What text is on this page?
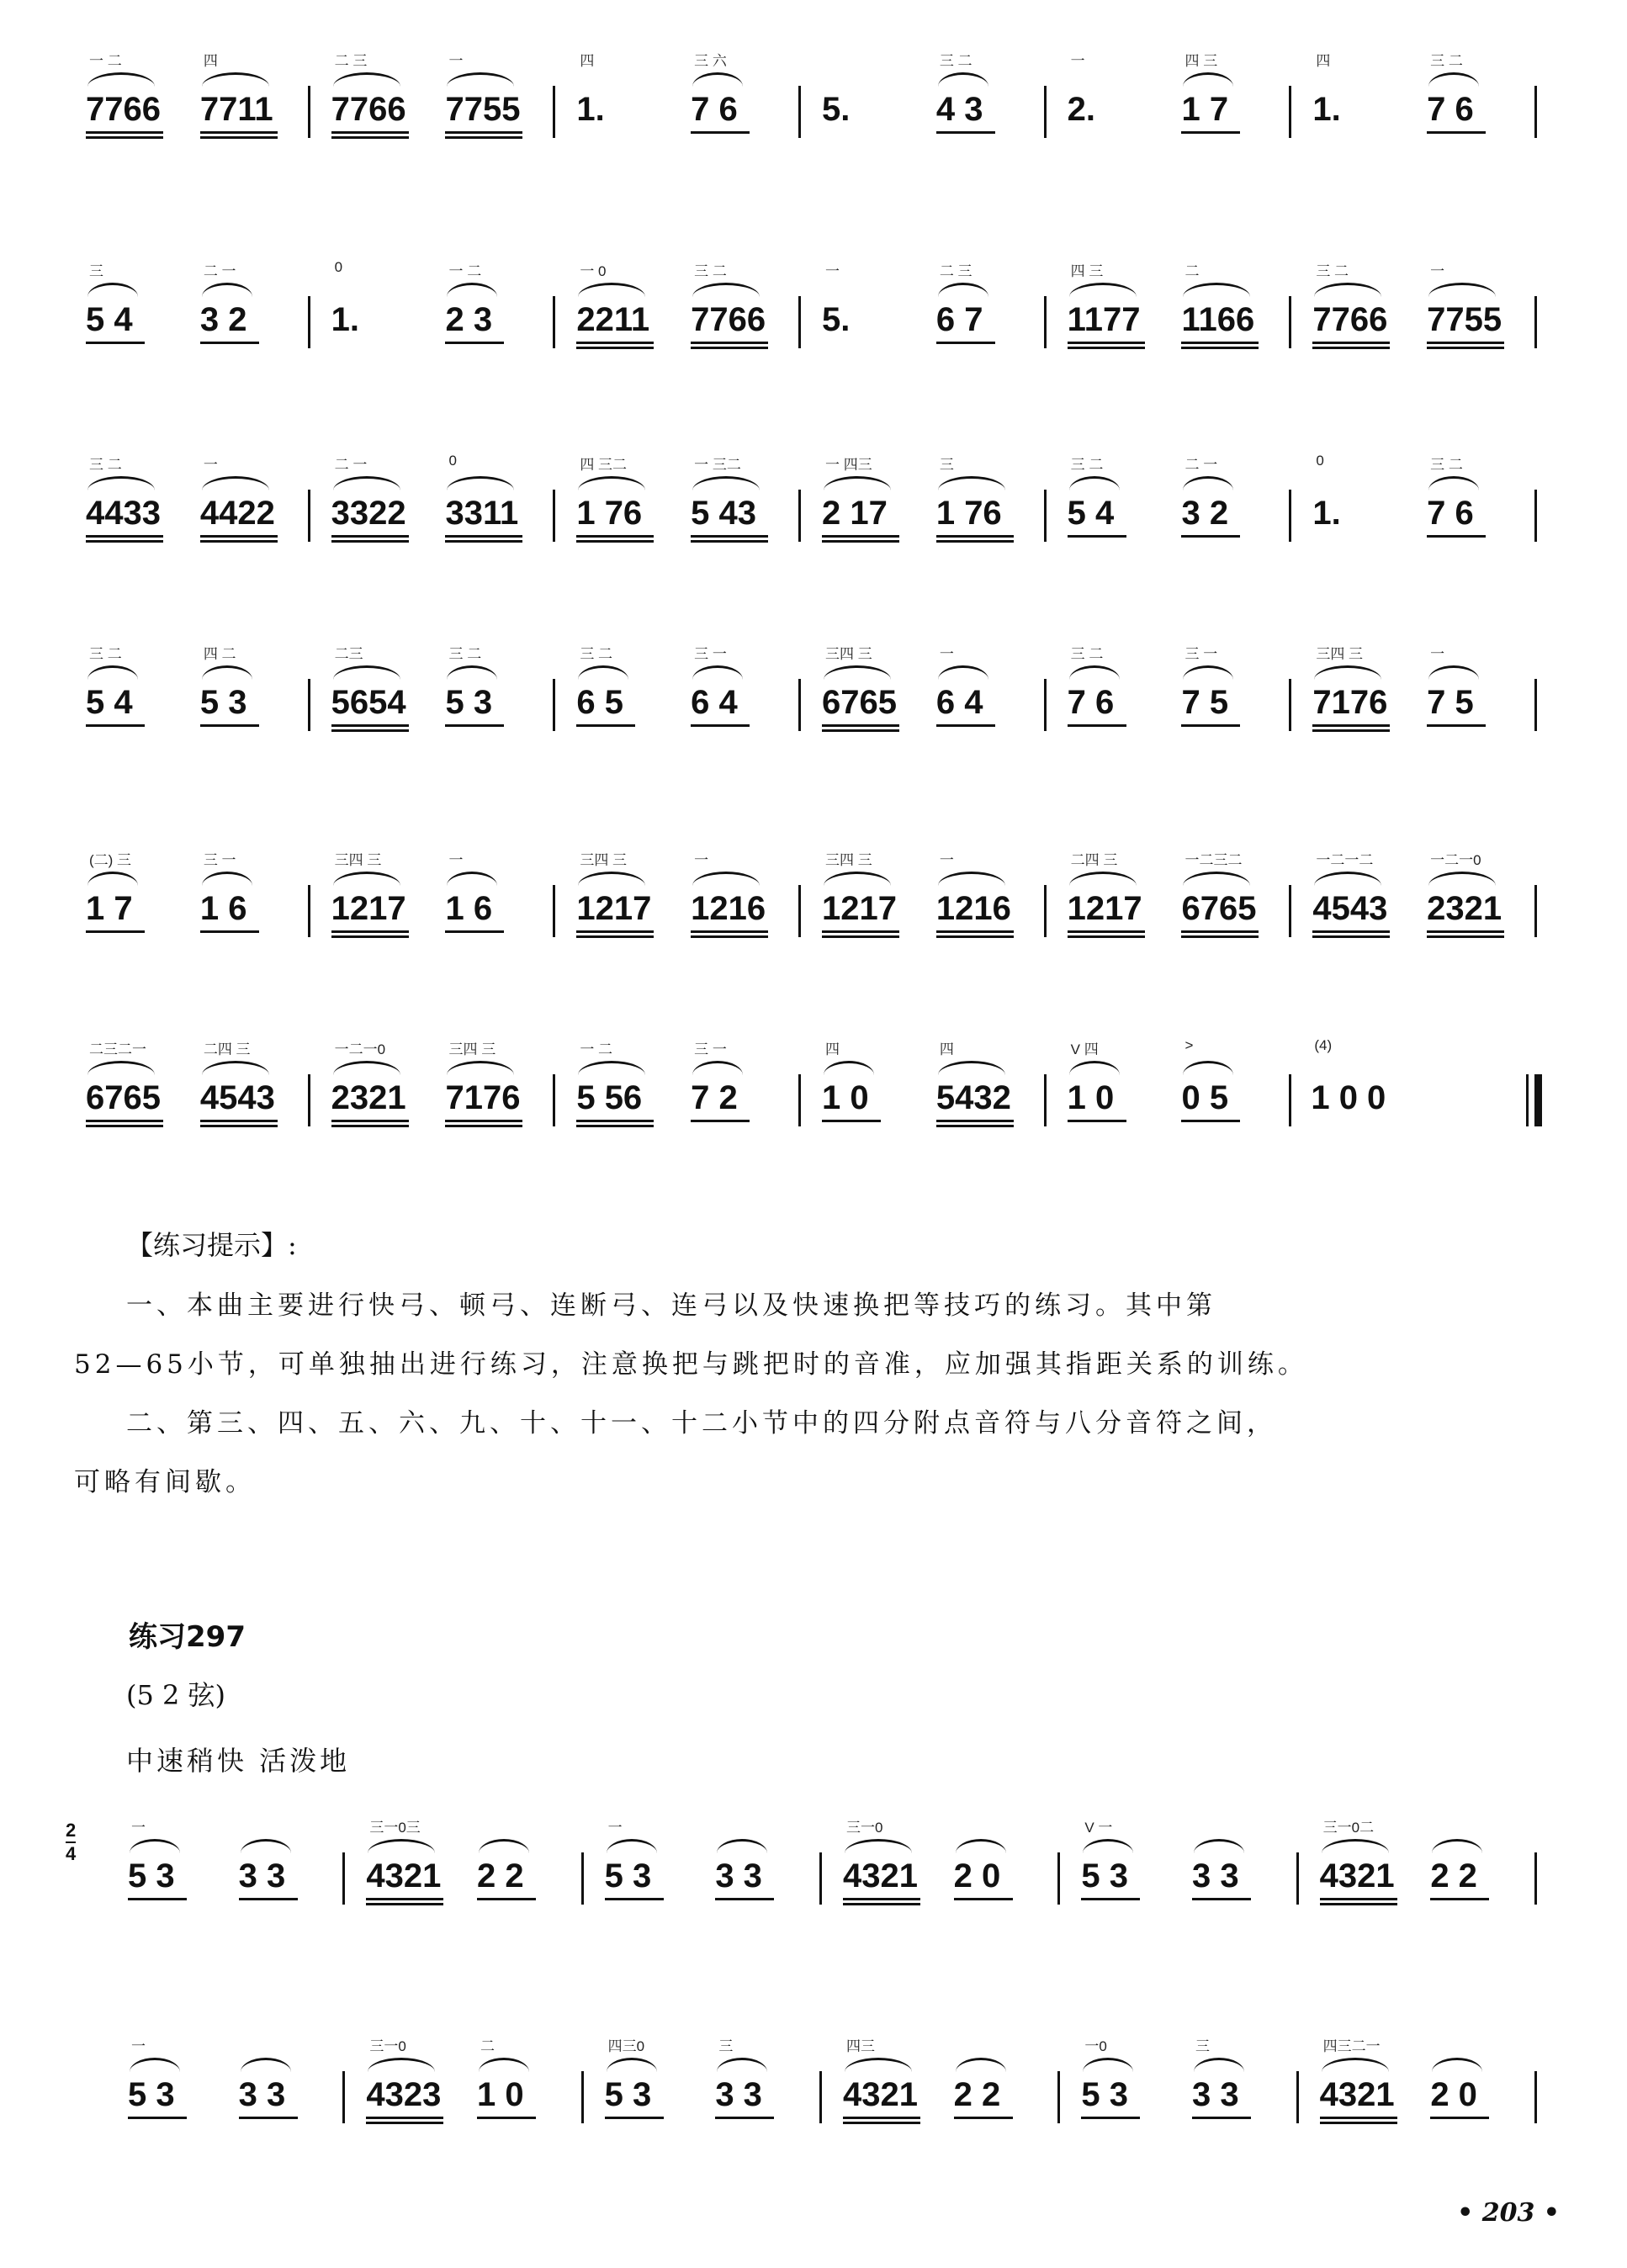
一 二
7766
四
7711
二 三
7766
一
7755
四
1.
三 六
7 6	5.
三 二
4 3
一
2.
四 三
1 7
四
1.
三 二
7 6
三
5 4
二 一
3 2
0
1.
一 二
2 3
一 0
2211
三 二
7766
一
5.
二 三
6 7
四 三
1177
二
1166
三 二
7766
一
7755
三 二
4433
一
4422
二 一
3322
0
3311
四 三二
1 76
一 三二
5 43
一 四三
2 17
三
1 76
三 二
5 4
二 一
3 2
0
1.
三 二
7 6
三 二
5 4
四 二
5 3
二三
5654
三 二
5 3
三 二
6 5
三 一
6 4
三四 三
6765
一
6 4
三 二
7 6
三 一
7 5
三四 三
7176
一
7 5
(二) 三
1 7
三 一
1 6
三四 三
1217
一
1 6
三四 三
1217
一
1216
三四 三
1217
一
1216
二四 三
1217
一二三二
6765
一二一二
4543
一二一0
2321
二三二一
6765
二四 三
4543
一二一0
2321
三四 三
7176
一 二
5 56
三 一
7 2
四
1 0
四
5432
V 四
1 0
>
0 5
(4)
1 0 0
一
5 3 3 3
三一0三
4321 2 2
一
5 3 3 3
三一0
4321 2 0
V 一
5 3 3 3
三一0二
4321 2 2
一
5 3 3 3
三一0
4323
二
1 0
四三0
5 3
三
3 3
四三
4321 2 2
一0
5 3
三
3 3
四三二一
4321 2 0
【练习提示】:
一、本曲主要进行快弓、顿弓、连断弓、连弓以及快速换把等技巧的练习。其中第
52—65小节，可单独抽出进行练习，注意换把与跳把时的音准，应加强其指距关系的训练。
二、第三、四、五、六、九、十、十一、十二小节中的四分附点音符与八分音符之间，
可略有间歇。
练习297
(5 2 弦)
中速稍快 活泼地
2
4
• 203 •
